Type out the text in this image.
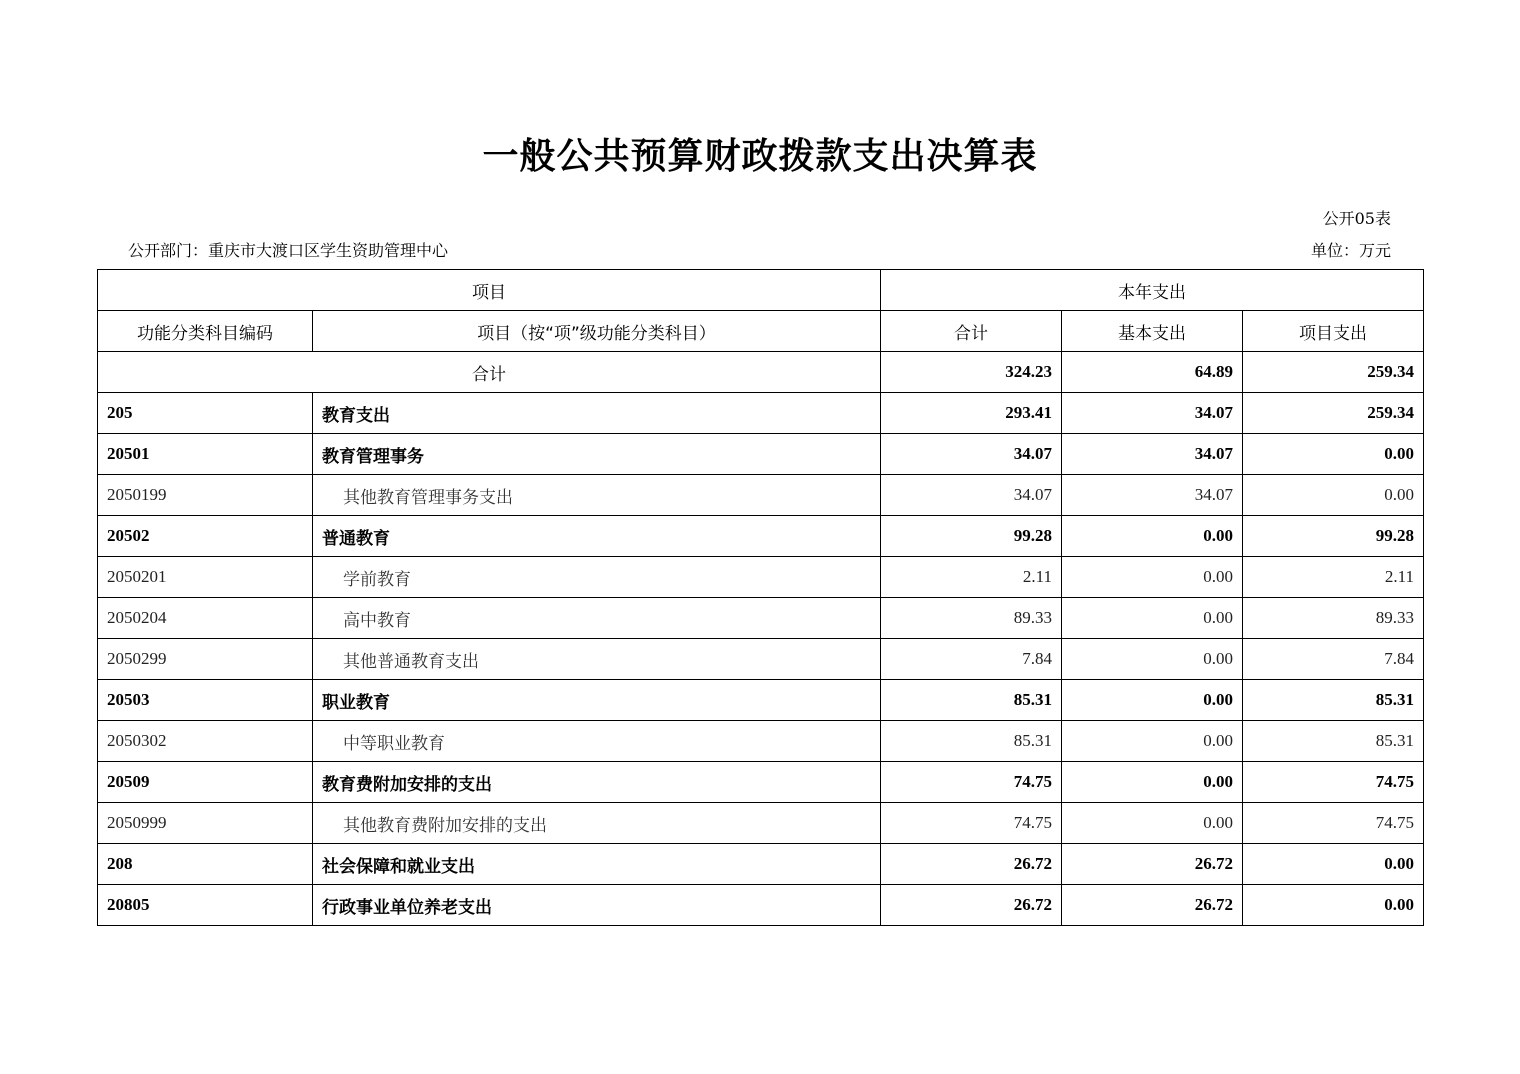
一般公共预算财政拨款支出决算表
公开05表
公开部门：重庆市大渡口区学生资助管理中心	单位：万元
项目		本年支出		
功能分类科目编码	项目（按“项”级功能分类科目）	合计	基本支出	项目支出
合计		324.23	64.89	259.34
205	教育支出	293.41	34.07	259.34
20501	教育管理事务	34.07	34.07	0.00
2050199	其他教育管理事务支出	34.07	34.07	0.00
20502	普通教育	99.28	0.00	99.28
2050201	学前教育	2.11	0.00	2.11
2050204	高中教育	89.33	0.00	89.33
2050299	其他普通教育支出	7.84	0.00	7.84
20503	职业教育	85.31	0.00	85.31
2050302	中等职业教育	85.31	0.00	85.31
20509	教育费附加安排的支出	74.75	0.00	74.75
2050999	其他教育费附加安排的支出	74.75	0.00	74.75
208	社会保障和就业支出	26.72	26.72	0.00
20805	行政事业单位养老支出	26.72	26.72	0.00
